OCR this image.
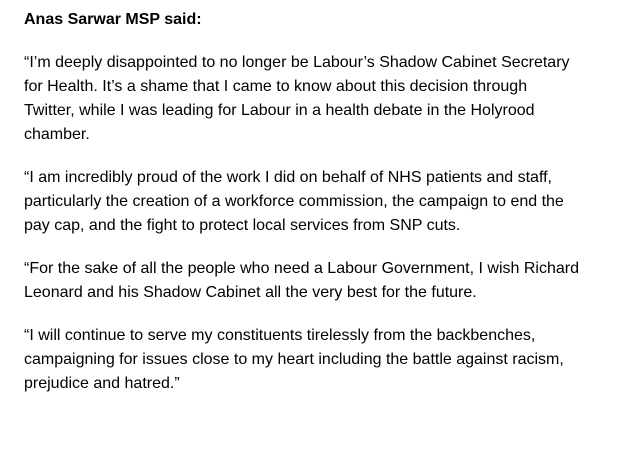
Anas Sarwar MSP said:
“I’m deeply disappointed to no longer be Labour’s Shadow Cabinet Secretary
for Health. It’s a shame that I came to know about this decision through
Twitter, while I was leading for Labour in a health debate in the Holyrood
chamber.
“I am incredibly proud of the work I did on behalf of NHS patients and staff,
particularly the creation of a workforce commission, the campaign to end the
pay cap, and the fight to protect local services from SNP cuts.
“For the sake of all the people who need a Labour Government, I wish Richard
Leonard and his Shadow Cabinet all the very best for the future.
“I will continue to serve my constituents tirelessly from the backbenches,
campaigning for issues close to my heart including the battle against racism,
prejudice and hatred.”
